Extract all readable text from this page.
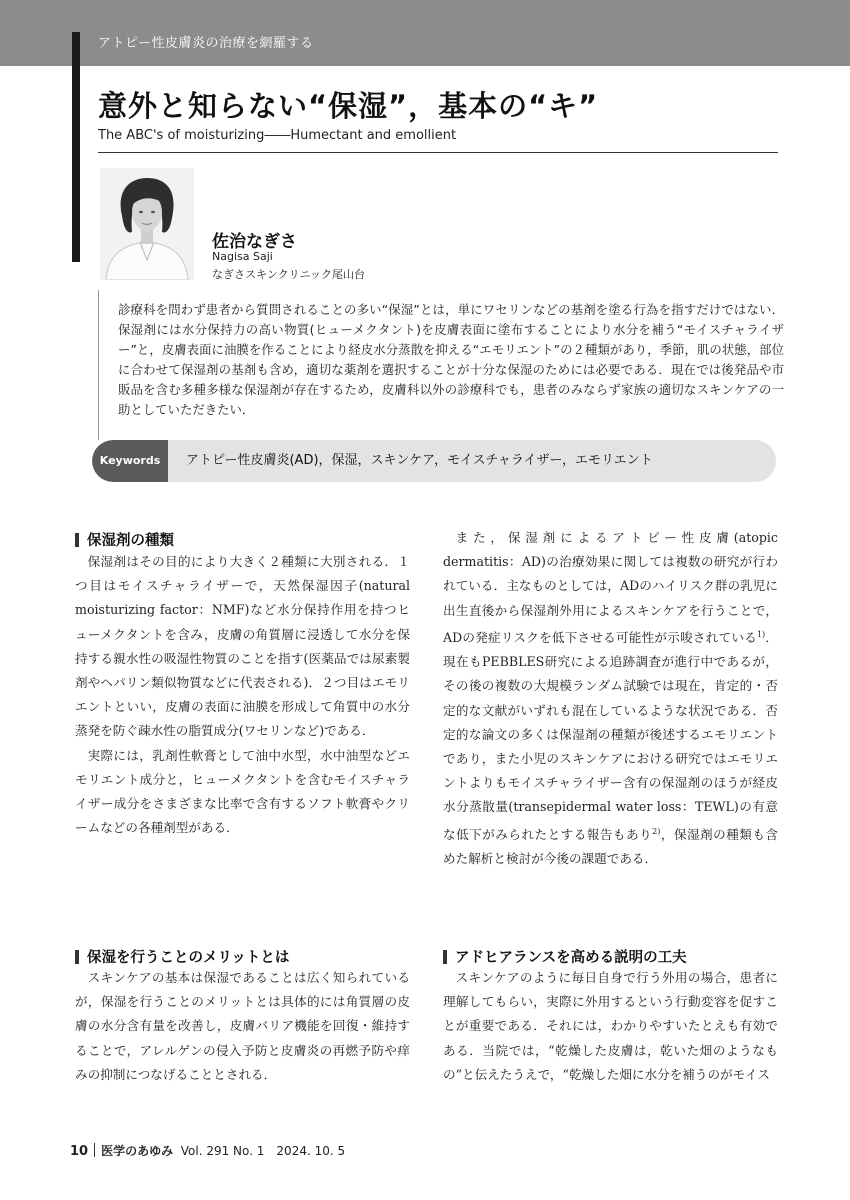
アトピー性皮膚炎の治療を網羅する
意外と知らない“保湿”，基本の“キ”
The ABC's of moisturizing――Humectant and emollient
佐治なぎさ
Nagisa Saji
なぎさスキンクリニック尾山台
診療科を問わず患者から質問されることの多い“保湿”とは，単にワセリンなどの基剤を塗る行為を指すだけではない．保湿剤には水分保持力の高い物質(ヒューメクタント)を皮膚表面に塗布することにより水分を補う“モイスチャライザー”と，皮膚表面に油膜を作ることにより経皮水分蒸散を抑える“エモリエント”の２種類があり，季節，肌の状態，部位に合わせて保湿剤の基剤も含め，適切な薬剤を選択することが十分な保湿のためには必要である．現在では後発品や市販品を含む多種多様な保湿剤が存在するため，皮膚科以外の診療科でも，患者のみならず家族の適切なスキンケアの一助としていただきたい．
Keywords	アトピー性皮膚炎(AD)，保湿，スキンケア，モイスチャライザー，エモリエント
保湿剤の種類

保湿剤はその目的により大きく２種類に大別される．１つ目はモイスチャライザーで，天然保湿因子(natural moisturizing factor：NMF)など水分保持作用を持つヒューメクタントを含み，皮膚の角質層に浸透して水分を保持する親水性の吸湿性物質のことを指す(医薬品では尿素製剤やヘパリン類似物質などに代表される)．２つ目はエモリエントといい，皮膚の表面に油膜を形成して角質中の水分蒸発を防ぐ疎水性の脂質成分(ワセリンなど)である．

実際には，乳剤性軟膏として油中水型，水中油型などエモリエント成分と，ヒューメクタントを含むモイスチャライザー成分をさまざまな比率で含有するソフト軟膏やクリームなどの各種剤型がある．

保湿を行うことのメリットとは

スキンケアの基本は保湿であることは広く知られているが，保湿を行うことのメリットとは具体的には角質層の皮膚の水分含有量を改善し，皮膚バリア機能を回復・維持することで，アレルゲンの侵入予防と皮膚炎の再燃予防や痒みの抑制につなげることとされる．

また，保湿剤によるアトピー性皮膚(atopic dermatitis：AD)の治療効果に関しては複数の研究が行われている．主なものとしては，ADのハイリスク群の乳児に出生直後から保湿剤外用によるスキンケアを行うことで，ADの発症リスクを低下させる可能性が示唆されている$^{1)}$．現在もPEBBLES研究による追跡調査が進行中であるが，その後の複数の大規模ランダム試験では現在，肯定的・否定的な文献がいずれも混在しているような状況である．否定的な論文の多くは保湿剤の種類が後述するエモリエントであり，また小児のスキンケアにおける研究ではエモリエントよりもモイスチャライザー含有の保湿剤のほうが経皮水分蒸散量(transepidermal water loss：TEWL)の有意な低下がみられたとする報告もあり$^{2)}$，保湿剤の種類も含めた解析と検討が今後の課題である．

アドヒアランスを高める説明の工夫

スキンケアのように毎日自身で行う外用の場合，患者に理解してもらい，実際に外用するという行動変容を促すことが重要である．それには，わかりやすいたとえも有効である．当院では，“乾燥した皮膚は，乾いた畑のようなもの”と伝えたうえで，“乾燥した畑に水分を補うのがモイス

10 医学のあゆみ Vol. 291 No. 1　2024. 10. 5
